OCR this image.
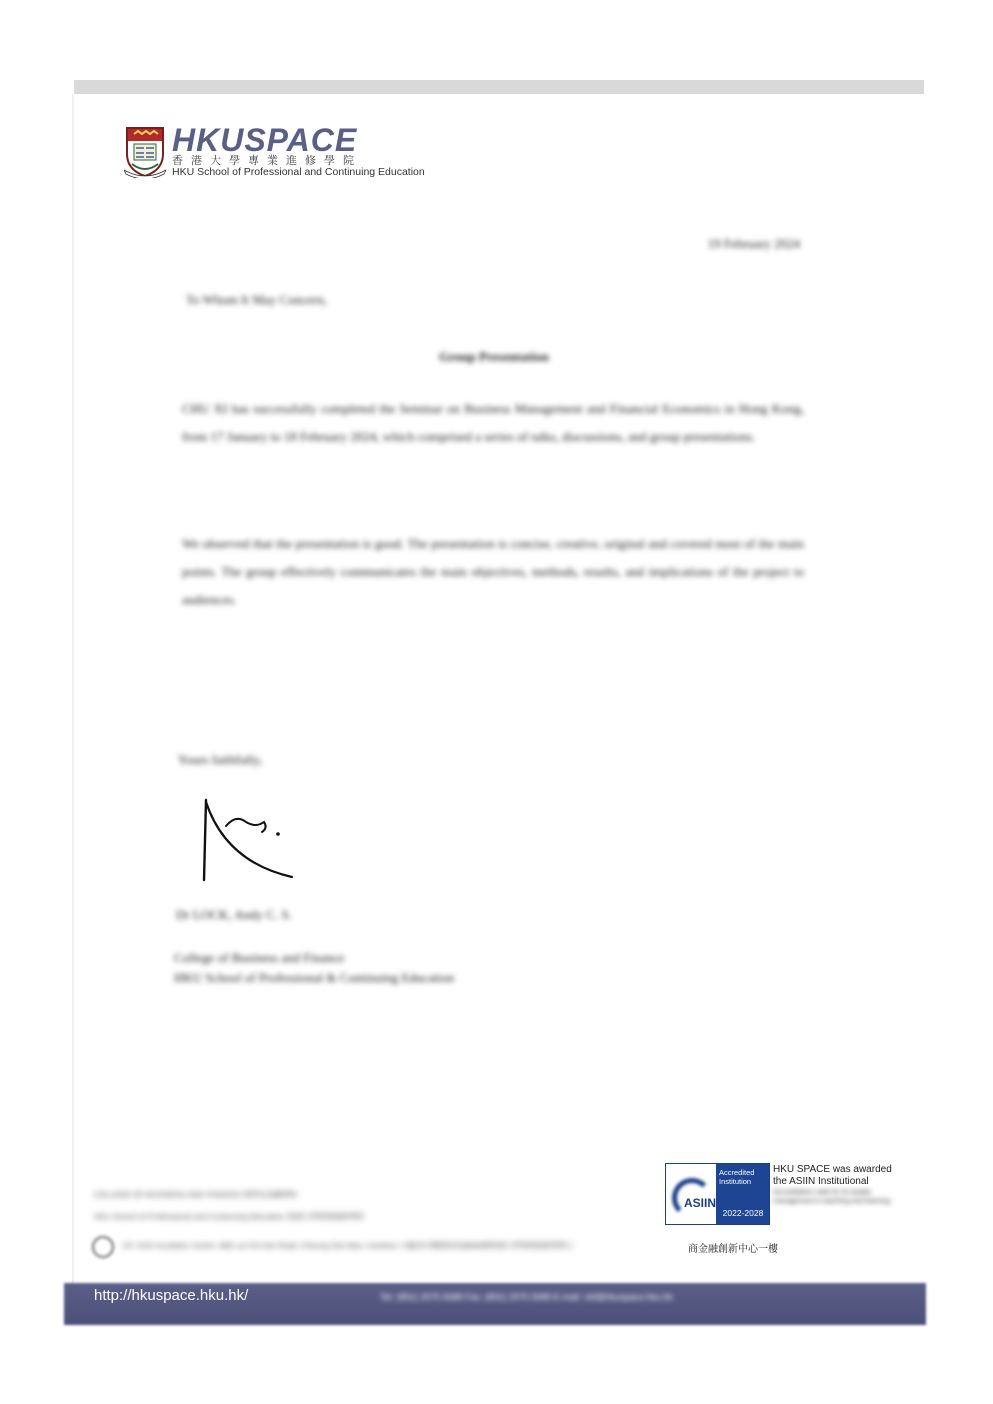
HKUSPACE
香港大學專業進修學院
HKU School of Professional and Continuing Education
19 February 2024
To Whom It May Concern,
Group Presentation
CHU XI has successfully completed the Seminar on Business Management and Financial Economics in Hong Kong, from 17 January to 18 February 2024, which comprised a series of talks, discussions, and group presentations.
We observed that the presentation is good. The presentation is concise, creative, original and covered most of the main points. The group effectively communicates the main objectives, methods, results, and implications of the project to audiences.
Yours faithfully,
Dr LOCK, Andy C. S.
College of Business and Finance
HKU School of Professional & Continuing Education
COLLEGE OF BUSINESS AND FINANCE 商學及金融學院
HKU School of Professional and Continuing Education 香港大學專業進修學院
1/F, SUD Incubator Centre, 888 Lai Chi Kok Road, Cheung Sha Wan, Kowloon 九龍長沙灣荔枝角道888號香港大學專業進修學院工	商金融創新中心一樓
ASIIN
Accredited Institution
2022-2028
HKU SPACE was awarded the ASIIN Institutional
Accreditation valid for its quality management in teaching and learning
http://hkuspace.hku.hk/	Tel: (852) 2975 5588 Fax: (852) 2975 5589 E-mail: cbf@hkuspace.hku.hk
